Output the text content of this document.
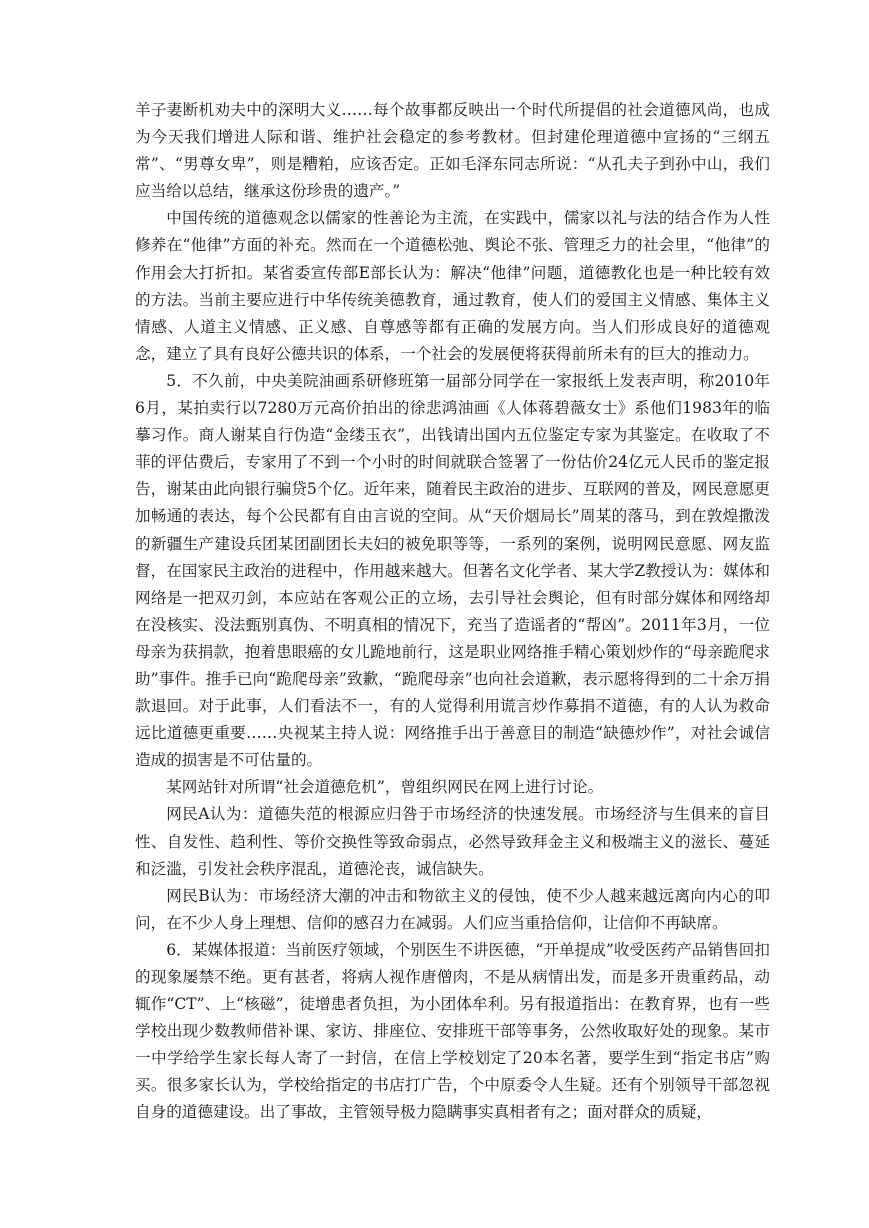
羊子妻断机劝夫中的深明大义……每个故事都反映出一个时代所提倡的社会道德风尚，也成为今天我们增进人际和谐、维护社会稳定的参考教材。但封建伦理道德中宣扬的“三纲五常”、“男尊女卑”，则是糟粕，应该否定。正如毛泽东同志所说：“从孔夫子到孙中山，我们应当给以总结，继承这份珍贵的遗产。”

中国传统的道德观念以儒家的性善论为主流，在实践中，儒家以礼与法的结合作为人性修养在“他律”方面的补充。然而在一个道德松弛、舆论不张、管理乏力的社会里，“他律”的作用会大打折扣。某省委宣传部E部长认为：解决“他律”问题，道德教化也是一种比较有效的方法。当前主要应进行中华传统美德教育，通过教育，使人们的爱国主义情感、集体主义情感、人道主义情感、正义感、自尊感等都有正确的发展方向。当人们形成良好的道德观念，建立了具有良好公德共识的体系，一个社会的发展便将获得前所未有的巨大的推动力。

5．不久前，中央美院油画系研修班第一届部分同学在一家报纸上发表声明，称2010年6月，某拍卖行以7280万元高价拍出的徐悲鸿油画《人体蒋碧薇女士》系他们1983年的临摹习作。商人谢某自行伪造“金缕玉衣”，出钱请出国内五位鉴定专家为其鉴定。在收取了不菲的评估费后，专家用了不到一个小时的时间就联合签署了一份估价24亿元人民币的鉴定报告，谢某由此向银行骗贷5个亿。近年来，随着民主政治的进步、互联网的普及，网民意愿更加畅通的表达，每个公民都有自由言说的空间。从“天价烟局长”周某的落马，到在敦煌撒泼的新疆生产建设兵团某团副团长夫妇的被免职等等，一系列的案例，说明网民意愿、网友监督，在国家民主政治的进程中，作用越来越大。但著名文化学者、某大学Z教授认为：媒体和网络是一把双刃剑，本应站在客观公正的立场，去引导社会舆论，但有时部分媒体和网络却在没核实、没法甄别真伪、不明真相的情况下，充当了造谣者的“帮凶”。2011年3月，一位母亲为获捐款，抱着患眼癌的女儿跪地前行，这是职业网络推手精心策划炒作的“母亲跪爬求助”事件。推手已向“跪爬母亲”致歉，“跪爬母亲”也向社会道歉，表示愿将得到的二十余万捐款退回。对于此事，人们看法不一，有的人觉得利用谎言炒作募捐不道德，有的人认为救命远比道德更重要……央视某主持人说：网络推手出于善意目的制造“缺德炒作”，对社会诚信造成的损害是不可估量的。

某网站针对所谓“社会道德危机”，曾组织网民在网上进行讨论。

网民A认为：道德失范的根源应归咎于市场经济的快速发展。市场经济与生俱来的盲目性、自发性、趋利性、等价交换性等致命弱点，必然导致拜金主义和极端主义的滋长、蔓延和泛滥，引发社会秩序混乱，道德沦丧，诚信缺失。

网民B认为：市场经济大潮的冲击和物欲主义的侵蚀，使不少人越来越远离向内心的叩问，在不少人身上理想、信仰的感召力在减弱。人们应当重拾信仰，让信仰不再缺席。

6．某媒体报道：当前医疗领域，个别医生不讲医德，“开单提成”收受医药产品销售回扣的现象屡禁不绝。更有甚者，将病人视作唐僧肉，不是从病情出发，而是多开贵重药品，动辄作“CT”、上“核磁”，徒增患者负担，为小团体牟利。另有报道指出：在教育界，也有一些学校出现少数教师借补课、家访、排座位、安排班干部等事务，公然收取好处的现象。某市一中学给学生家长每人寄了一封信，在信上学校划定了20本名著，要学生到“指定书店”购买。很多家长认为，学校给指定的书店打广告，个中原委令人生疑。还有个别领导干部忽视自身的道德建设。出了事故，主管领导极力隐瞒事实真相者有之；面对群众的质疑，
